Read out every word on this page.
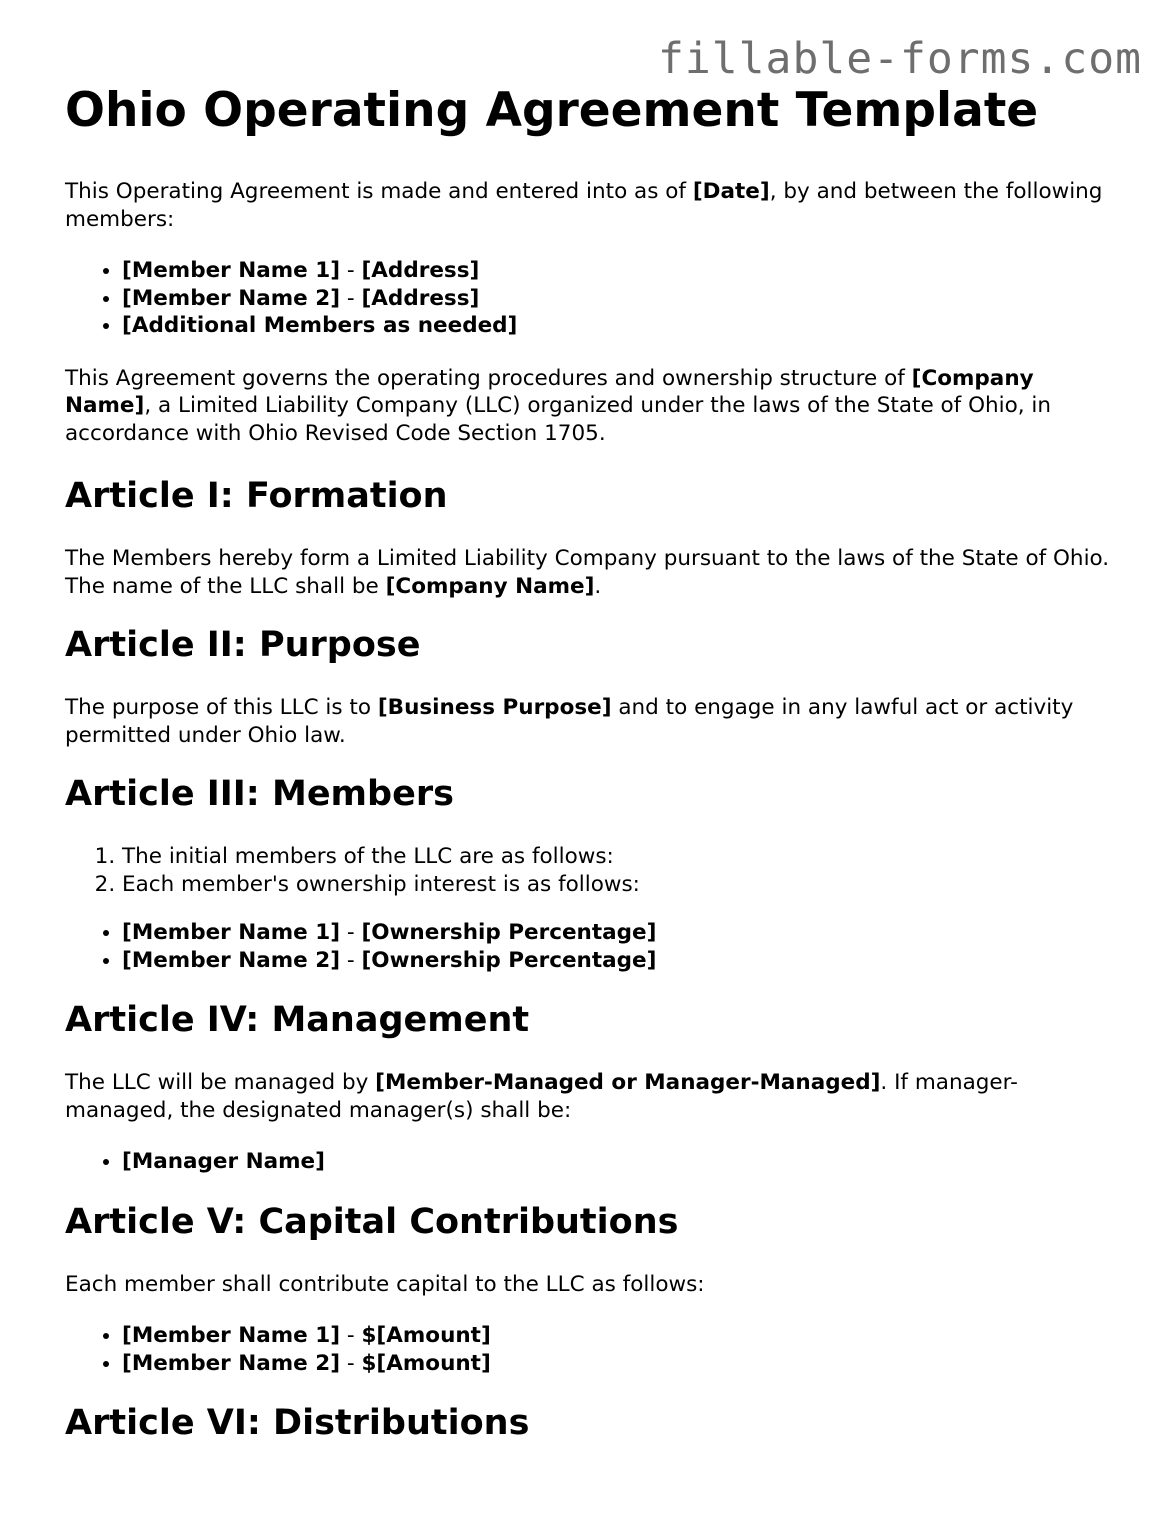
fillable-forms.com
Ohio Operating Agreement Template

This Operating Agreement is made and entered into as of [Date], by and between the following members:

• [Member Name 1] - [Address]
• [Member Name 2] - [Address]
• [Additional Members as needed]

This Agreement governs the operating procedures and ownership structure of [Company Name], a Limited Liability Company (LLC) organized under the laws of the State of Ohio, in accordance with Ohio Revised Code Section 1705.

Article I: Formation

The Members hereby form a Limited Liability Company pursuant to the laws of the State of Ohio. The name of the LLC shall be [Company Name].

Article II: Purpose

The purpose of this LLC is to [Business Purpose] and to engage in any lawful act or activity permitted under Ohio law.

Article III: Members
1. The initial members of the LLC are as follows:
2. Each member's ownership interest is as follows:
• [Member Name 1] - [Ownership Percentage]
• [Member Name 2] - [Ownership Percentage]
Article IV: Management

The LLC will be managed by [Member-Managed or Manager-Managed]. If manager-managed, the designated manager(s) shall be:

• [Manager Name]
Article V: Capital Contributions

Each member shall contribute capital to the LLC as follows:

• [Member Name 1] - $[Amount]
• [Member Name 2] - $[Amount]
Article VI: Distributions
